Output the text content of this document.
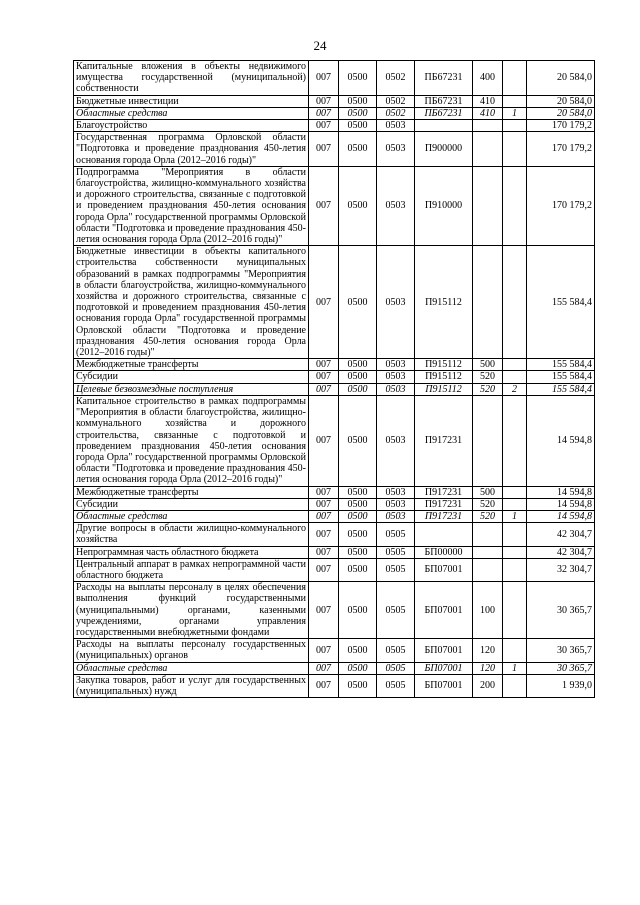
24
Капитальные вложения в объекты недвижимого имущества государственной (муниципальной) собственности	007	0500	0502	ПБ67231	400		20 584,0
Бюджетные инвестиции	007	0500	0502	ПБ67231	410		20 584,0
Областные средства	007	0500	0502	ПБ67231	410	1	20 584,0
Благоустройство	007	0500	0503				170 179,2
Государственная программа Орловской области "Подготовка и проведение празднования 450-летия основания города Орла (2012–2016 годы)"	007	0500	0503	П900000			170 179,2
Подпрограмма "Мероприятия в области благоустройства, жилищно-коммунального хозяйства и дорожного строительства, связанные с подготовкой и проведением празднования 450-летия основания города Орла" государственной программы Орловской области "Подготовка и проведение празднования 450-летия основания города Орла (2012–2016 годы)"	007	0500	0503	П910000			170 179,2
Бюджетные инвестиции в объекты капитального строительства собственности муниципальных образований в рамках подпрограммы "Мероприятия в области благоустройства, жилищно-коммунального хозяйства и дорожного строительства, связанные с подготовкой и проведением празднования 450-летия основания города Орла" государственной программы Орловской области "Подготовка и проведение празднования 450-летия основания города Орла (2012–2016 годы)"	007	0500	0503	П915112			155 584,4
Межбюджетные трансферты	007	0500	0503	П915112	500		155 584,4
Субсидии	007	0500	0503	П915112	520		155 584,4
Целевые безвозмездные поступления	007	0500	0503	П915112	520	2	155 584,4
Капитальное строительство в рамках подпрограммы "Мероприятия в области благоустройства, жилищно-коммунального хозяйства и дорожного строительства, связанные с подготовкой и проведением празднования 450-летия основания города Орла" государственной программы Орловской области "Подготовка и проведение празднования 450-летия основания города Орла (2012–2016 годы)"	007	0500	0503	П917231			14 594,8
Межбюджетные трансферты	007	0500	0503	П917231	500		14 594,8
Субсидии	007	0500	0503	П917231	520		14 594,8
Областные средства	007	0500	0503	П917231	520	1	14 594,8
Другие вопросы в области жилищно-коммунального хозяйства	007	0500	0505				42 304,7
Непрограммная часть областного бюджета	007	0500	0505	БП00000			42 304,7
Центральный аппарат в рамках непрограммной части областного бюджета	007	0500	0505	БП07001			32 304,7
Расходы на выплаты персоналу в целях обеспечения выполнения функций государственными (муниципальными) органами, казенными учреждениями, органами управления государственными внебюджетными фондами	007	0500	0505	БП07001	100		30 365,7
Расходы на выплаты персоналу государственных (муниципальных) органов	007	0500	0505	БП07001	120		30 365,7
Областные средства	007	0500	0505	БП07001	120	1	30 365,7
Закупка товаров, работ и услуг для государственных (муниципальных) нужд	007	0500	0505	БП07001	200		1 939,0
